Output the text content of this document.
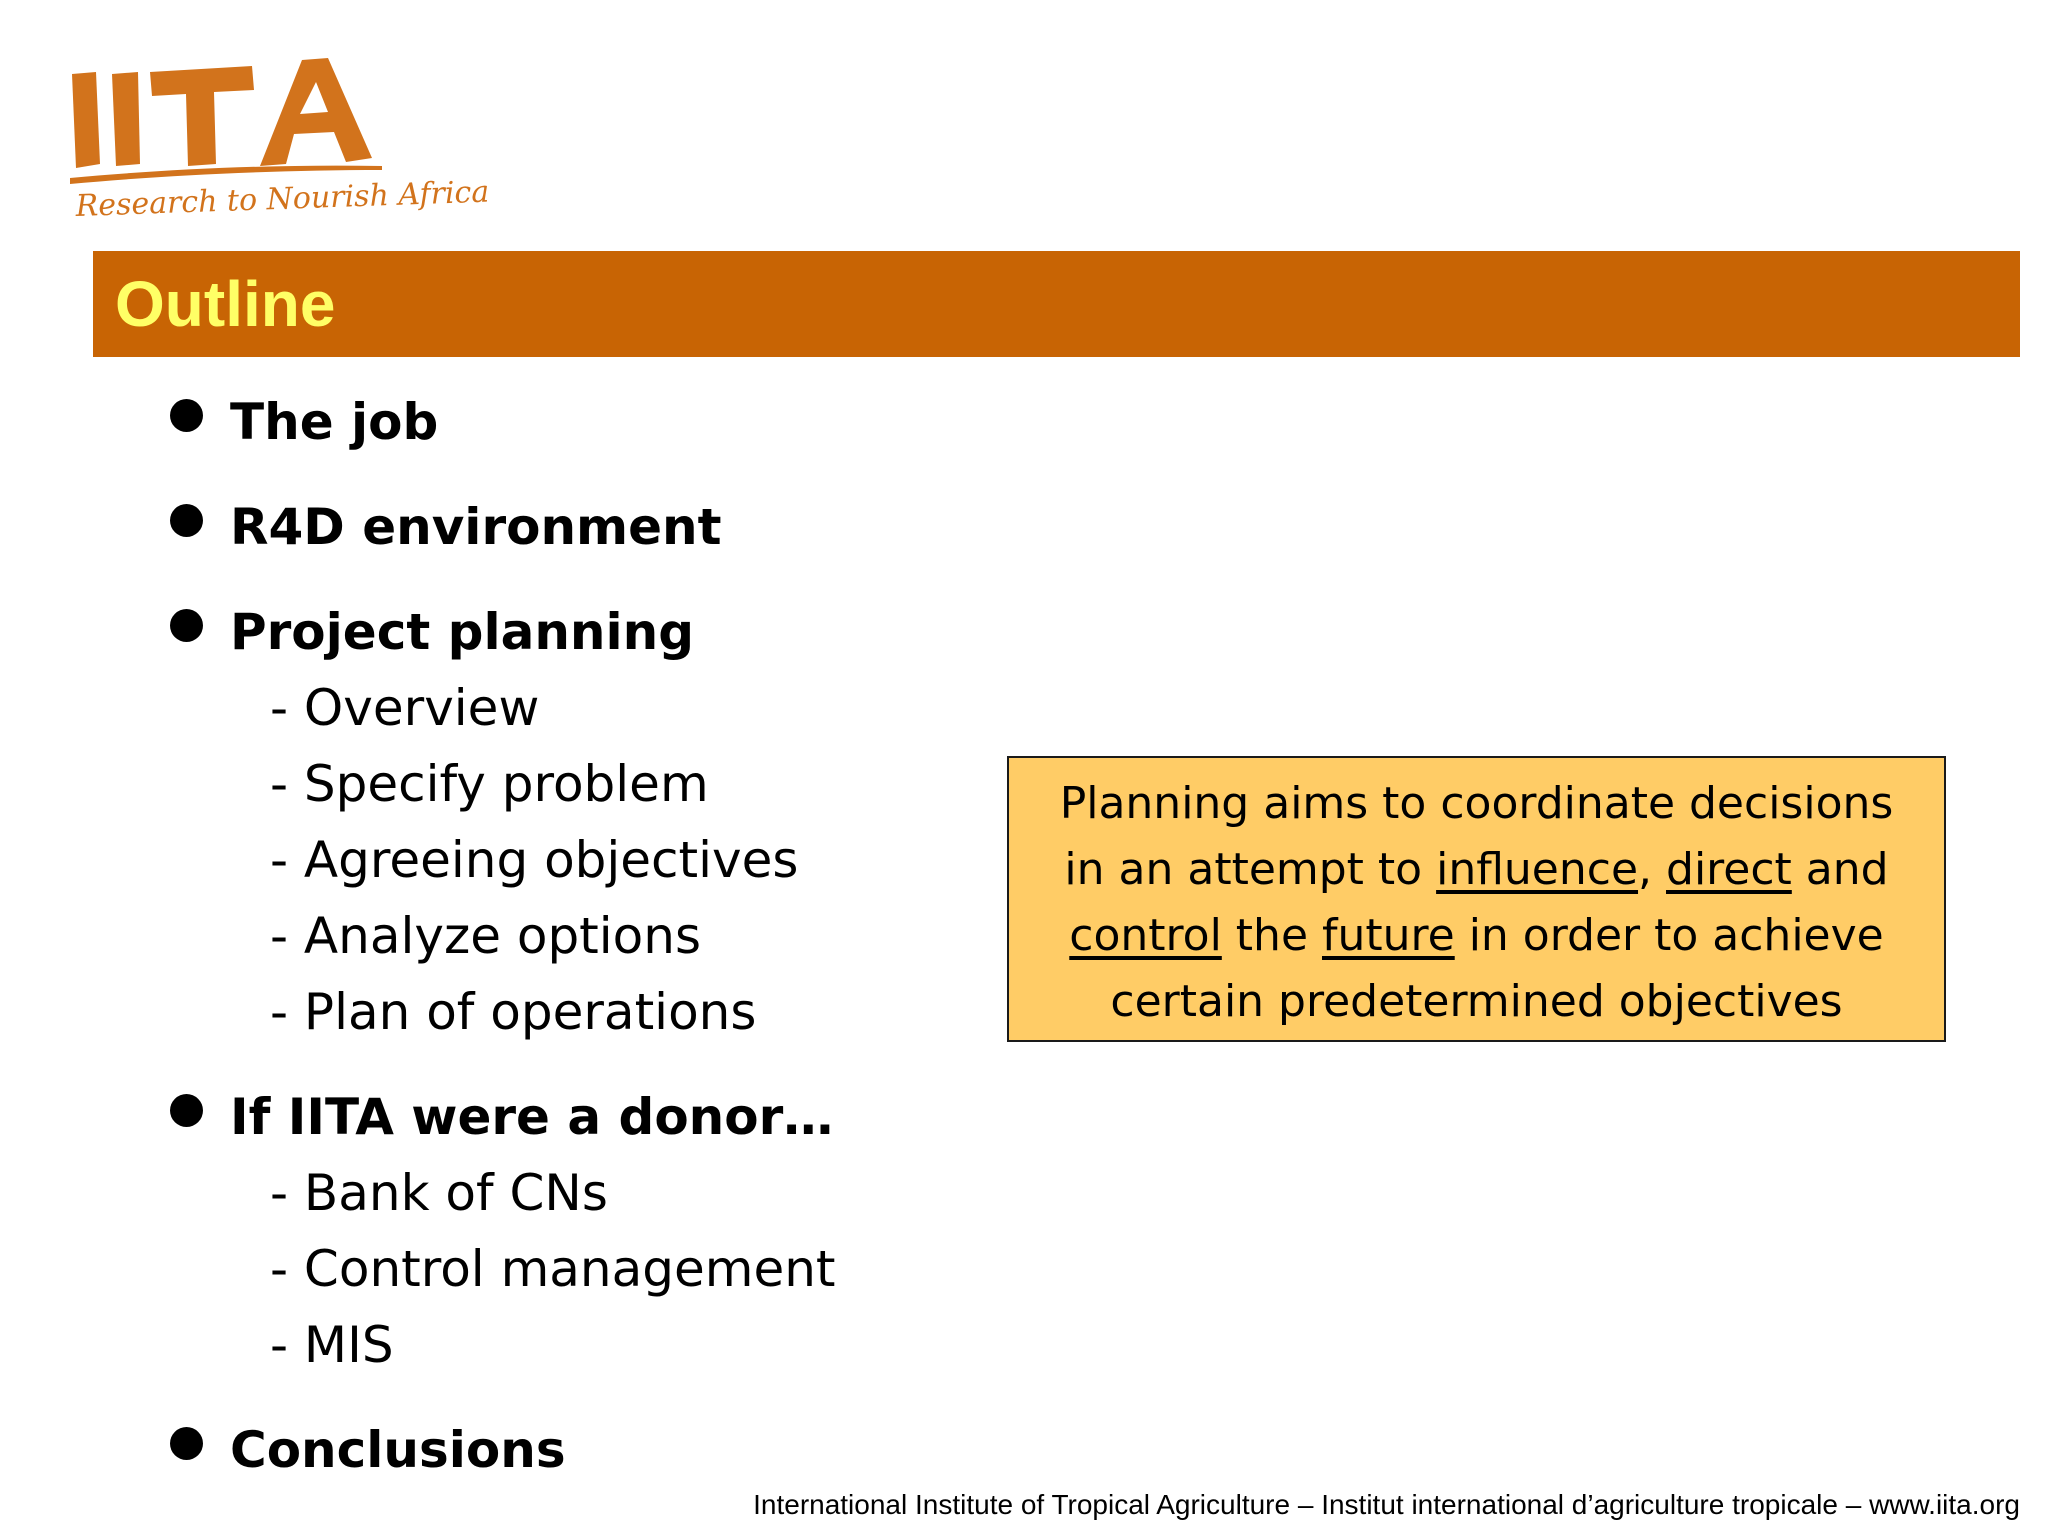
Research to Nourish Africa
Outline
The job
R4D environment
Project planning
- Overview
- Specify problem
- Agreeing objectives
- Analyze options
- Plan of operations
If IITA were a donor…
- Bank of CNs
- Control management
- MIS
Conclusions
Planning aims to coordinate decisions
in an attempt to influence, direct and
control the future in order to achieve
certain predetermined objectives
International Institute of Tropical Agriculture – Institut international d’agriculture tropicale – www.iita.org
